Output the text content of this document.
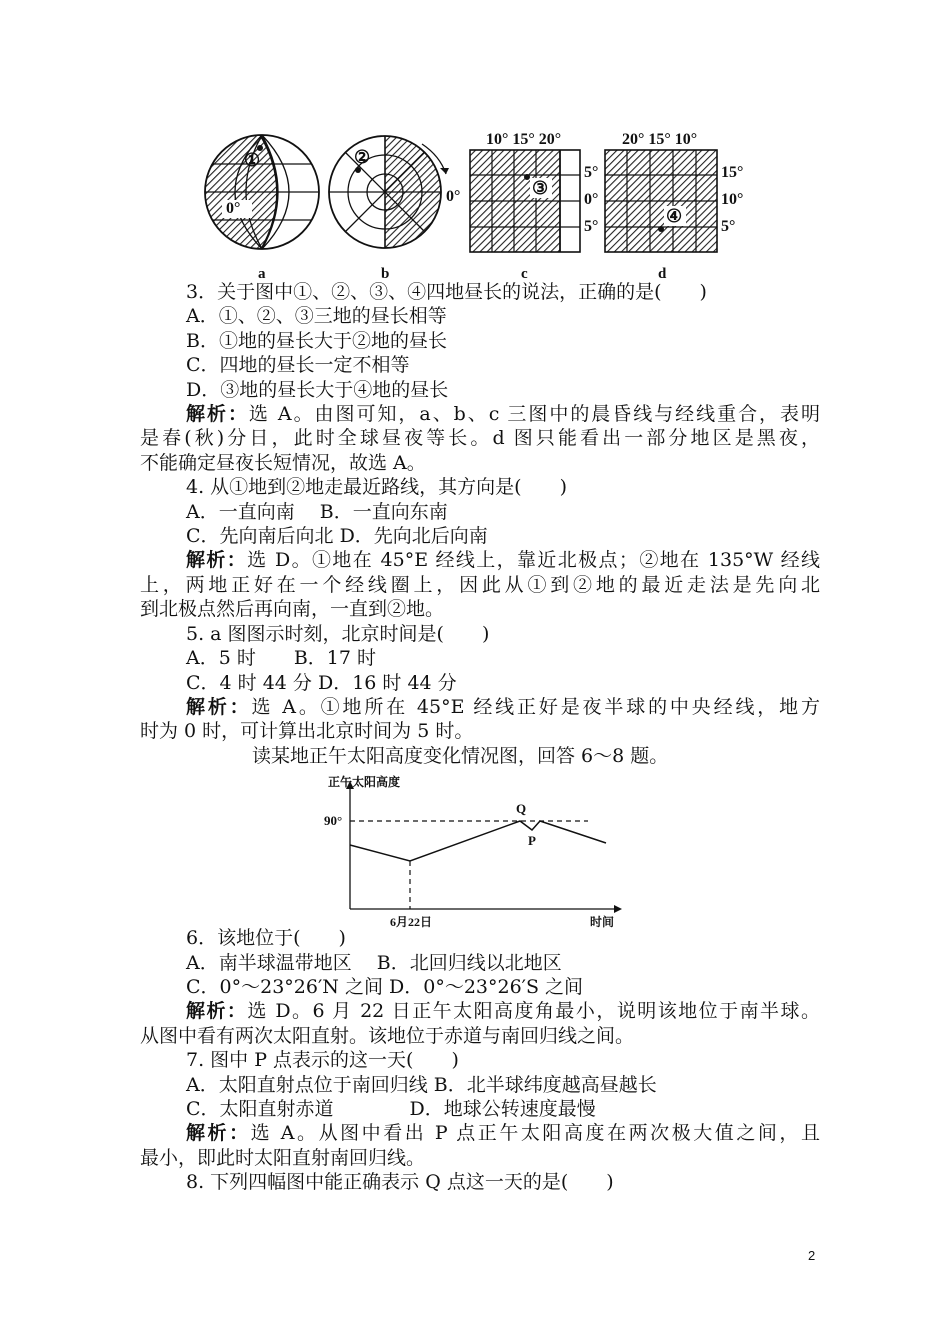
①
0°
②
0°
10° 15° 20°
③
5°
0°
5°
20° 15° 10°
④
15°
10°
5°
a	b	c	d
3．关于图中①、②、③、④四地昼长的说法，正确的是(　　)
A．①、②、③三地的昼长相等
B．①地的昼长大于②地的昼长
C．四地的昼长一定不相等
D．③地的昼长大于④地的昼长
解析：选 A。由图可知，a、b、c 三图中的晨昏线与经线重合，表明
是春(秋)分日，此时全球昼夜等长。d 图只能看出一部分地区是黑夜，
不能确定昼夜长短情况，故选 A。
4. 从①地到②地走最近路线，其方向是(　　)
A．一直向南　 B．一直向东南
C．先向南后向北 D．先向北后向南
解析：选 D。①地在 45°E 经线上，靠近北极点；②地在 135°W 经线
上，两地正好在一个经线圈上，因此从①到②地的最近走法是先向北
到北极点然后再向南，一直到②地。
5. a 图图示时刻，北京时间是(　　)
A．5 时　　B．17 时
C．4 时 44 分 D．16 时 44 分
解析：选 A。①地所在 45°E 经线正好是夜半球的中央经线，地方
时为 0 时，可计算出北京时间为 5 时。
读某地正午太阳高度变化情况图，回答 6～8 题。
6．该地位于(　　)
A．南半球温带地区　 B．北回归线以北地区
C．0°～23°26′N 之间 D．0°～23°26′S 之间
解析：选 D。6 月 22 日正午太阳高度角最小，说明该地位于南半球。
从图中看有两次太阳直射。该地位于赤道与南回归线之间。
7. 图中 P 点表示的这一天(　　)
A．太阳直射点位于南回归线 B．北半球纬度越高昼越长
C．太阳直射赤道　　　　D．地球公转速度最慢
解析：选 A。从图中看出 P 点正午太阳高度在两次极大值之间，且
最小，即此时太阳直射南回归线。
8. 下列四幅图中能正确表示 Q 点这一天的是(　　)
正午太阳高度
90°
Q
P
6月22日	时间
2
